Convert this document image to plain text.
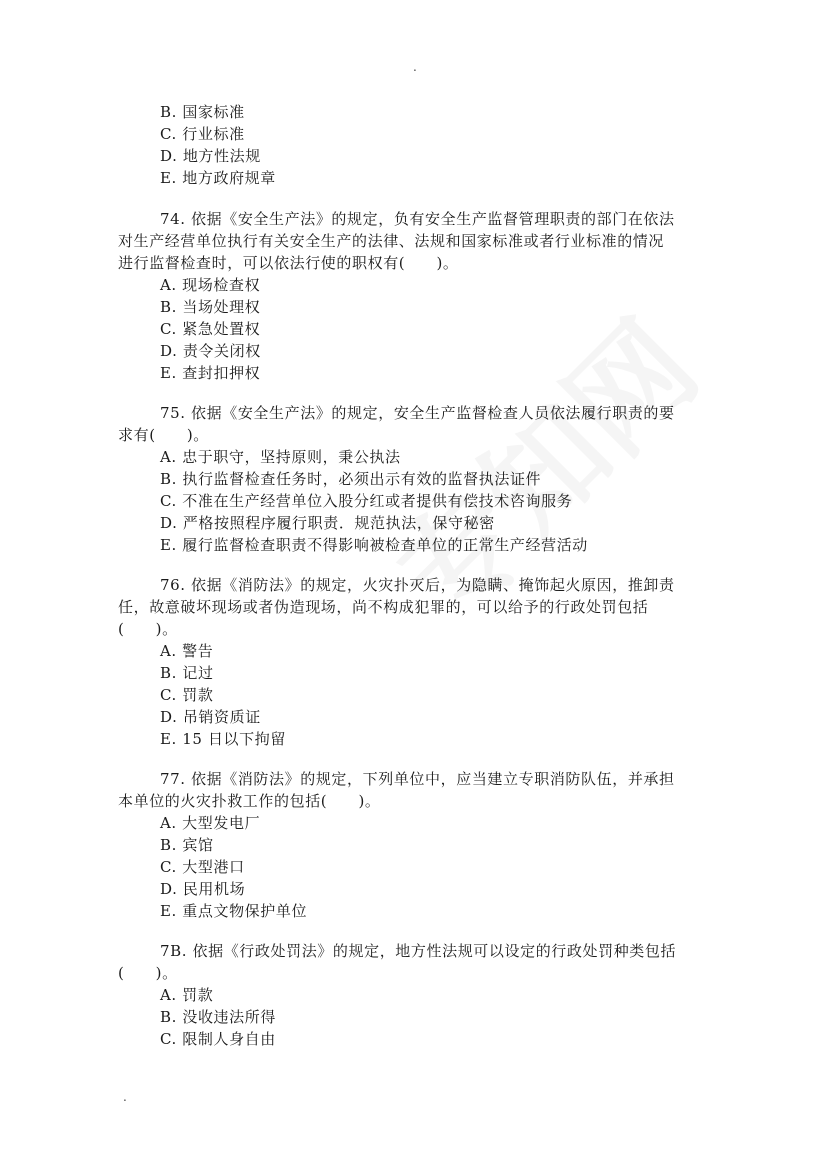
.
B. 国家标准
C. 行业标准
D. 地方性法规
E. 地方政府规章
74. 依据《安全生产法》的规定，负有安全生产监督管理职责的部门在依法
对生产经营单位执行有关安全生产的法律、法规和国家标准或者行业标准的情况
进行监督检查时，可以依法行使的职权有(　　)。
A. 现场检查权
B. 当场处理权
C. 紧急处置权
D. 责令关闭权
E. 查封扣押权
75. 依据《安全生产法》的规定，安全生产监督检查人员依法履行职责的要
求有(　　)。
A. 忠于职守，坚持原则，秉公执法
B. 执行监督检查任务时，必须出示有效的监督执法证件
C. 不准在生产经营单位入股分红或者提供有偿技术咨询服务
D. 严格按照程序履行职责．规范执法，保守秘密
E. 履行监督检查职责不得影响被检查单位的正常生产经营活动
76. 依据《消防法》的规定，火灾扑灭后，为隐瞒、掩饰起火原因，推卸责
任，故意破坏现场或者伪造现场，尚不构成犯罪的，可以给予的行政处罚包括
(　　)。
A. 警告
B. 记过
C. 罚款
D. 吊销资质证
E. 15 日以下拘留
77. 依据《消防法》的规定，下列单位中，应当建立专职消防队伍，并承担
本单位的火灾扑救工作的包括(　　)。
A. 大型发电厂
B. 宾馆
C. 大型港口
D. 民用机场
E. 重点文物保护单位
7B. 依据《行政处罚法》的规定，地方性法规可以设定的行政处罚种类包括
(　　)。
A. 罚款
B. 没收违法所得
C. 限制人身自由
.
